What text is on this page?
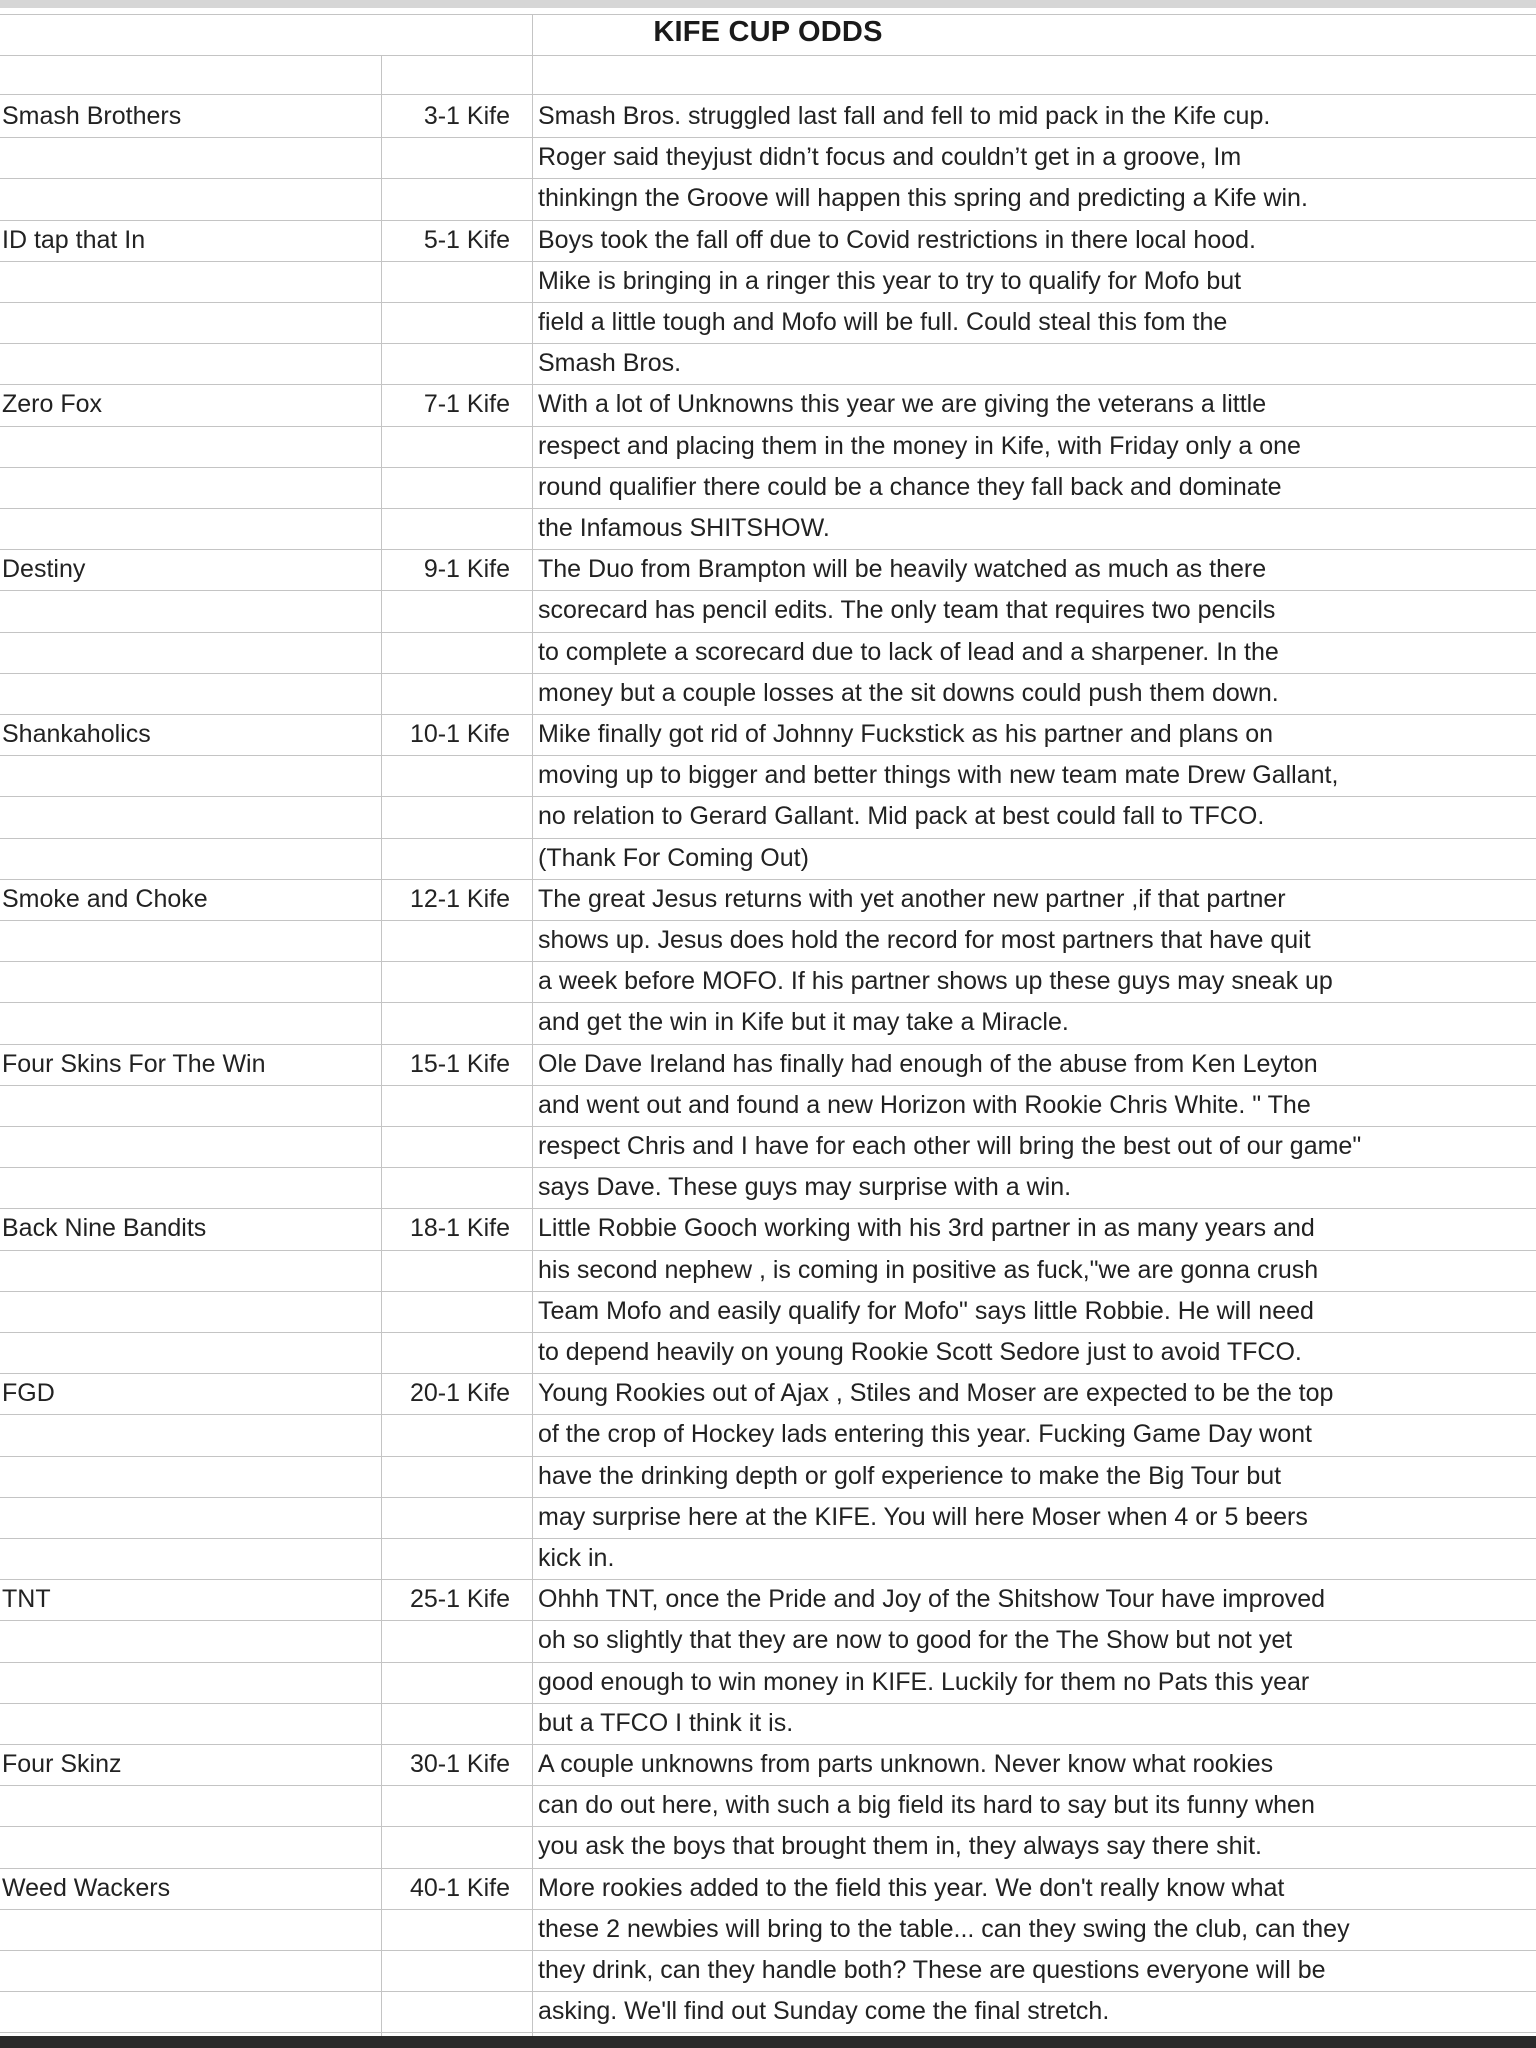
KIFE CUP ODDS
Smash Brothers	3-1 Kife Smash Bros. struggled last fall and fell to mid pack in the Kife cup.
Roger said theyjust didn’t focus and couldn’t get in a groove, Im
thinkingn the Groove will happen this spring and predicting a Kife win.
ID tap that In	5-1 Kife Boys took the fall off due to Covid restrictions in there local hood.
Mike is bringing in a ringer this year to try to qualify for Mofo but
field a little tough and Mofo will be full. Could steal this fom the
Smash Bros.
Zero Fox	7-1 Kife With a lot of Unknowns this year we are giving the veterans a little
respect and placing them in the money in Kife, with Friday only a one
round qualifier there could be a chance they fall back and dominate
the Infamous SHITSHOW.
Destiny	9-1 Kife The Duo from Brampton will be heavily watched as much as there
scorecard has pencil edits. The only team that requires two pencils
to complete a scorecard due to lack of lead and a sharpener. In the
money but a couple losses at the sit downs could push them down.
Shankaholics	10-1 Kife Mike finally got rid of Johnny Fuckstick as his partner and plans on
moving up to bigger and better things with new team mate Drew Gallant,
no relation to Gerard Gallant. Mid pack at best could fall to TFCO.
(Thank For Coming Out)
Smoke and Choke	12-1 Kife The great Jesus returns with yet another new partner ,if that partner
shows up. Jesus does hold the record for most partners that have quit
a week before MOFO. If his partner shows up these guys may sneak up
and get the win in Kife but it may take a Miracle.
Four Skins For The Win	15-1 Kife Ole Dave Ireland has finally had enough of the abuse from Ken Leyton
and went out and found a new Horizon with Rookie Chris White. " The
respect Chris and I have for each other will bring the best out of our game"
says Dave. These guys may surprise with a win.
Back Nine Bandits	18-1 Kife Little Robbie Gooch working with his 3rd partner in as many years and
his second nephew , is coming in positive as fuck,"we are gonna crush
Team Mofo and easily qualify for Mofo" says little Robbie. He will need
to depend heavily on young Rookie Scott Sedore just to avoid TFCO.
FGD	20-1 Kife Young Rookies out of Ajax , Stiles and Moser are expected to be the top
of the crop of Hockey lads entering this year. Fucking Game Day wont
have the drinking depth or golf experience to make the Big Tour but
may surprise here at the KIFE. You will here Moser when 4 or 5 beers
kick in.
TNT	25-1 Kife Ohhh TNT, once the Pride and Joy of the Shitshow Tour have improved
oh so slightly that they are now to good for the The Show but not yet
good enough to win money in KIFE. Luckily for them no Pats this year
but a TFCO I think it is.
Four Skinz	30-1 Kife A couple unknowns from parts unknown. Never know what rookies
can do out here, with such a big field its hard to say but its funny when
you ask the boys that brought them in, they always say there shit.
Weed Wackers	40-1 Kife More rookies added to the field this year. We don't really know what
these 2 newbies will bring to the table... can they swing the club, can they
they drink, can they handle both? These are questions everyone will be
asking. We'll find out Sunday come the final stretch.
